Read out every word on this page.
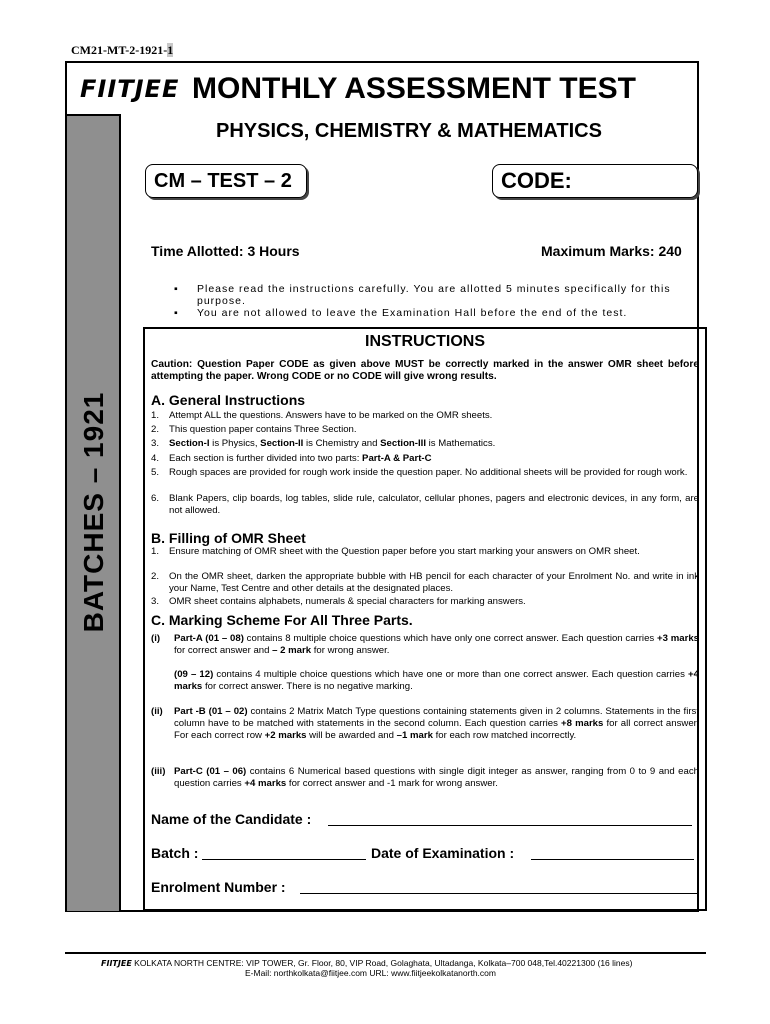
CM21-MT-2-1921-1
FIITJEE MONTHLY ASSESSMENT TEST
BATCHES – 1921
PHYSICS, CHEMISTRY & MATHEMATICS
CM – TEST – 2	CODE:
Time Allotted: 3 Hours	Maximum Marks: 240
▪ Please read the instructions carefully. You are allotted 5 minutes specifically for this purpose.
▪ You are not allowed to leave the Examination Hall before the end of the test.
INSTRUCTIONS
Caution: Question Paper CODE as given above MUST be correctly marked in the answer OMR sheet before attempting the paper. Wrong CODE or no CODE will give wrong results.
A. General Instructions
1. Attempt ALL the questions. Answers have to be marked on the OMR sheets.
2. This question paper contains Three Section.
3. Section-I is Physics, Section-II is Chemistry and Section-III is Mathematics.
4. Each section is further divided into two parts: Part-A & Part-C
5. Rough spaces are provided for rough work inside the question paper. No additional sheets will be provided for rough work.
6. Blank Papers, clip boards, log tables, slide rule, calculator, cellular phones, pagers and electronic devices, in any form, are not allowed.
B. Filling of OMR Sheet
1. Ensure matching of OMR sheet with the Question paper before you start marking your answers on OMR sheet.
2. On the OMR sheet, darken the appropriate bubble with HB pencil for each character of your Enrolment No. and write in ink your Name, Test Centre and other details at the designated places.
3. OMR sheet contains alphabets, numerals & special characters for marking answers.
C. Marking Scheme For All Three Parts.
(i) Part-A (01 – 08) contains 8 multiple choice questions which have only one correct answer. Each question carries +3 marks for correct answer and – 2 mark for wrong answer.
(09 – 12) contains 4 multiple choice questions which have one or more than one correct answer. Each question carries +4 marks for correct answer. There is no negative marking.
(ii) Part -B (01 – 02) contains 2 Matrix Match Type questions containing statements given in 2 columns. Statements in the first column have to be matched with statements in the second column. Each question carries +8 marks for all correct answer. For each correct row +2 marks will be awarded and –1 mark for each row matched incorrectly.
(iii) Part-C (01 – 06) contains 6 Numerical based questions with single digit integer as answer, ranging from 0 to 9 and each question carries +4 marks for correct answer and -1 mark for wrong answer.
Name of the Candidate :
Batch :	Date of Examination :
Enrolment Number :
FIITJEE KOLKATA NORTH CENTRE: VIP TOWER, Gr. Floor, 80, VIP Road, Golaghata, Ultadanga, Kolkata–700 048,Tel.40221300 (16 lines)
E-Mail: northkolkata@fiitjee.com URL: www.fiitjeekolkatanorth.com
